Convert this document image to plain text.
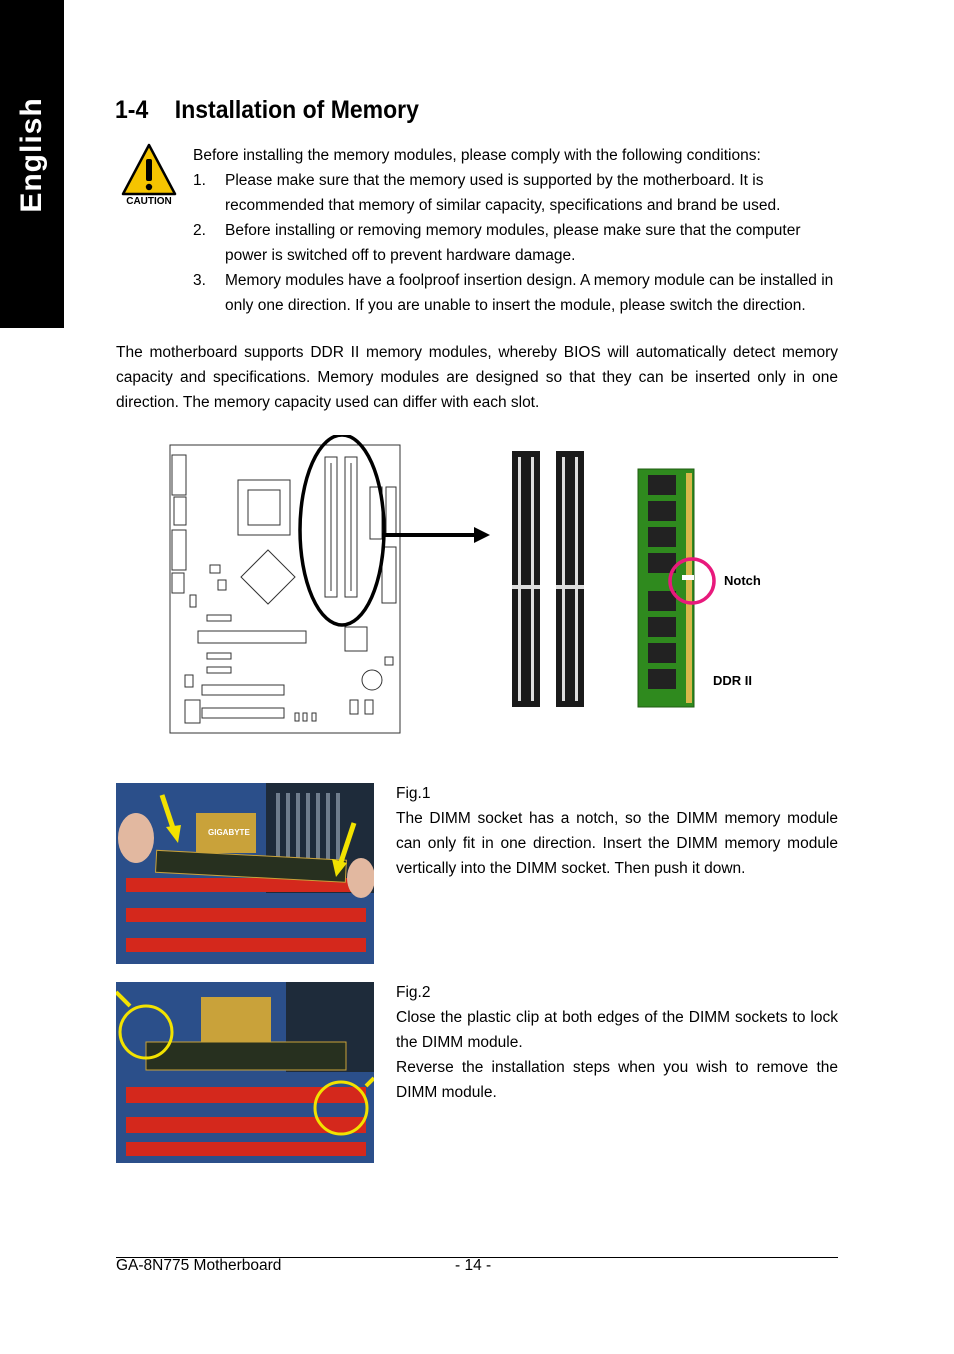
English	1-4 Installation of Memory
CAUTION
Before installing the memory modules, please comply with the following conditions:
1. Please make sure that the memory used is supported by the motherboard. It is recommended that memory of similar capacity, specifications and brand be used.
2. Before installing or removing memory modules, please make sure that the computer power is switched off to prevent hardware damage.
3. Memory modules have a foolproof insertion design. A memory module can be installed in only one direction. If you are unable to insert the module, please switch the direction.
The motherboard supports DDR II memory modules, whereby BIOS will automatically detect memory capacity and specifications. Memory modules are designed so that they can be inserted only in one direction. The memory capacity used can differ with each slot.
Notch
DDR II
GIGABYTE
Fig.1
The DIMM socket has a notch, so the DIMM memory module can only fit in one direction. Insert the DIMM memory module vertically into the DIMM socket. Then push it down.
Fig.2
Close the plastic clip at both edges of the DIMM sockets to lock the DIMM module.
Reverse the installation steps when you wish to remove the DIMM module.
GA-8N775 Motherboard	- 14 -
